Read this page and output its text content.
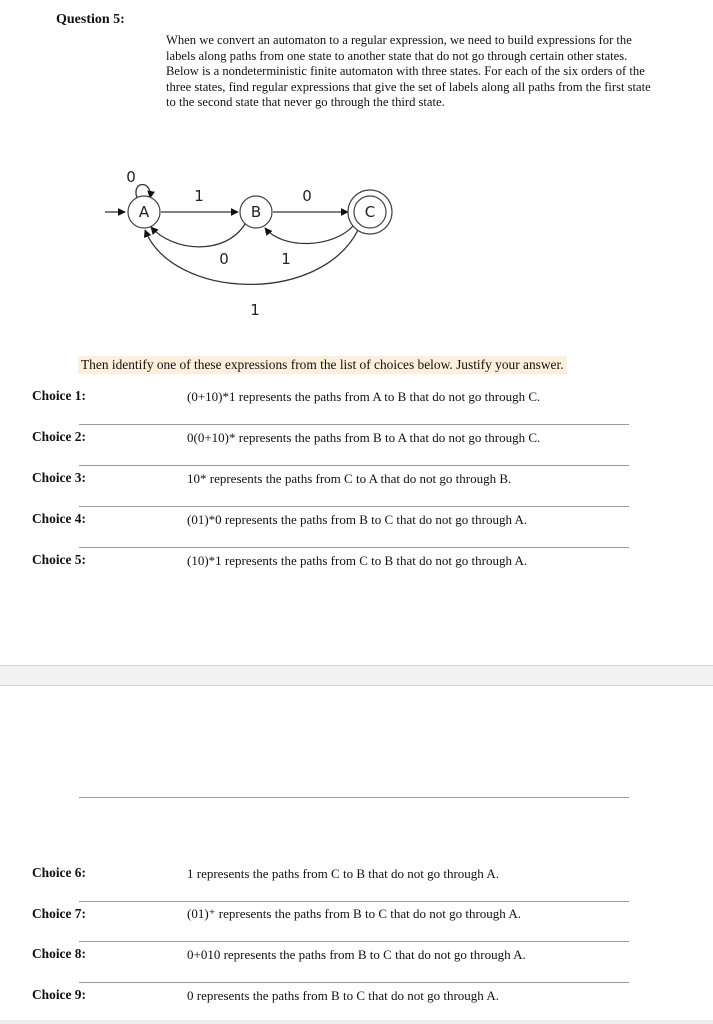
Question 5:

When we convert an automaton to a regular expression, we need to build expressions for the labels along paths from one state to another state that do not go through certain other states. Below is a nondeterministic finite automaton with three states. For each of the six orders of the three states, find regular expressions that give the set of labels along all paths from the first state to the second state that never go through the third state.

A	B	C
0
1	0
0	1
1
Then identify one of these expressions from the list of choices below. Justify your answer.
Choice 1:	(0+10)*1 represents the paths from A to B that do not go through C.
Choice 2:	0(0+10)* represents the paths from B to A that do not go through C.
Choice 3:	10* represents the paths from C to A that do not go through B.
Choice 4:	(01)*0 represents the paths from B to C that do not go through A.
Choice 5:	(10)*1 represents the paths from C to B that do not go through A.
Choice 6:	1 represents the paths from C to B that do not go through A.
Choice 7:	(01)⁺ represents the paths from B to C that do not go through A.
Choice 8:	0+010 represents the paths from B to C that do not go through A.
Choice 9:	0 represents the paths from B to C that do not go through A.
